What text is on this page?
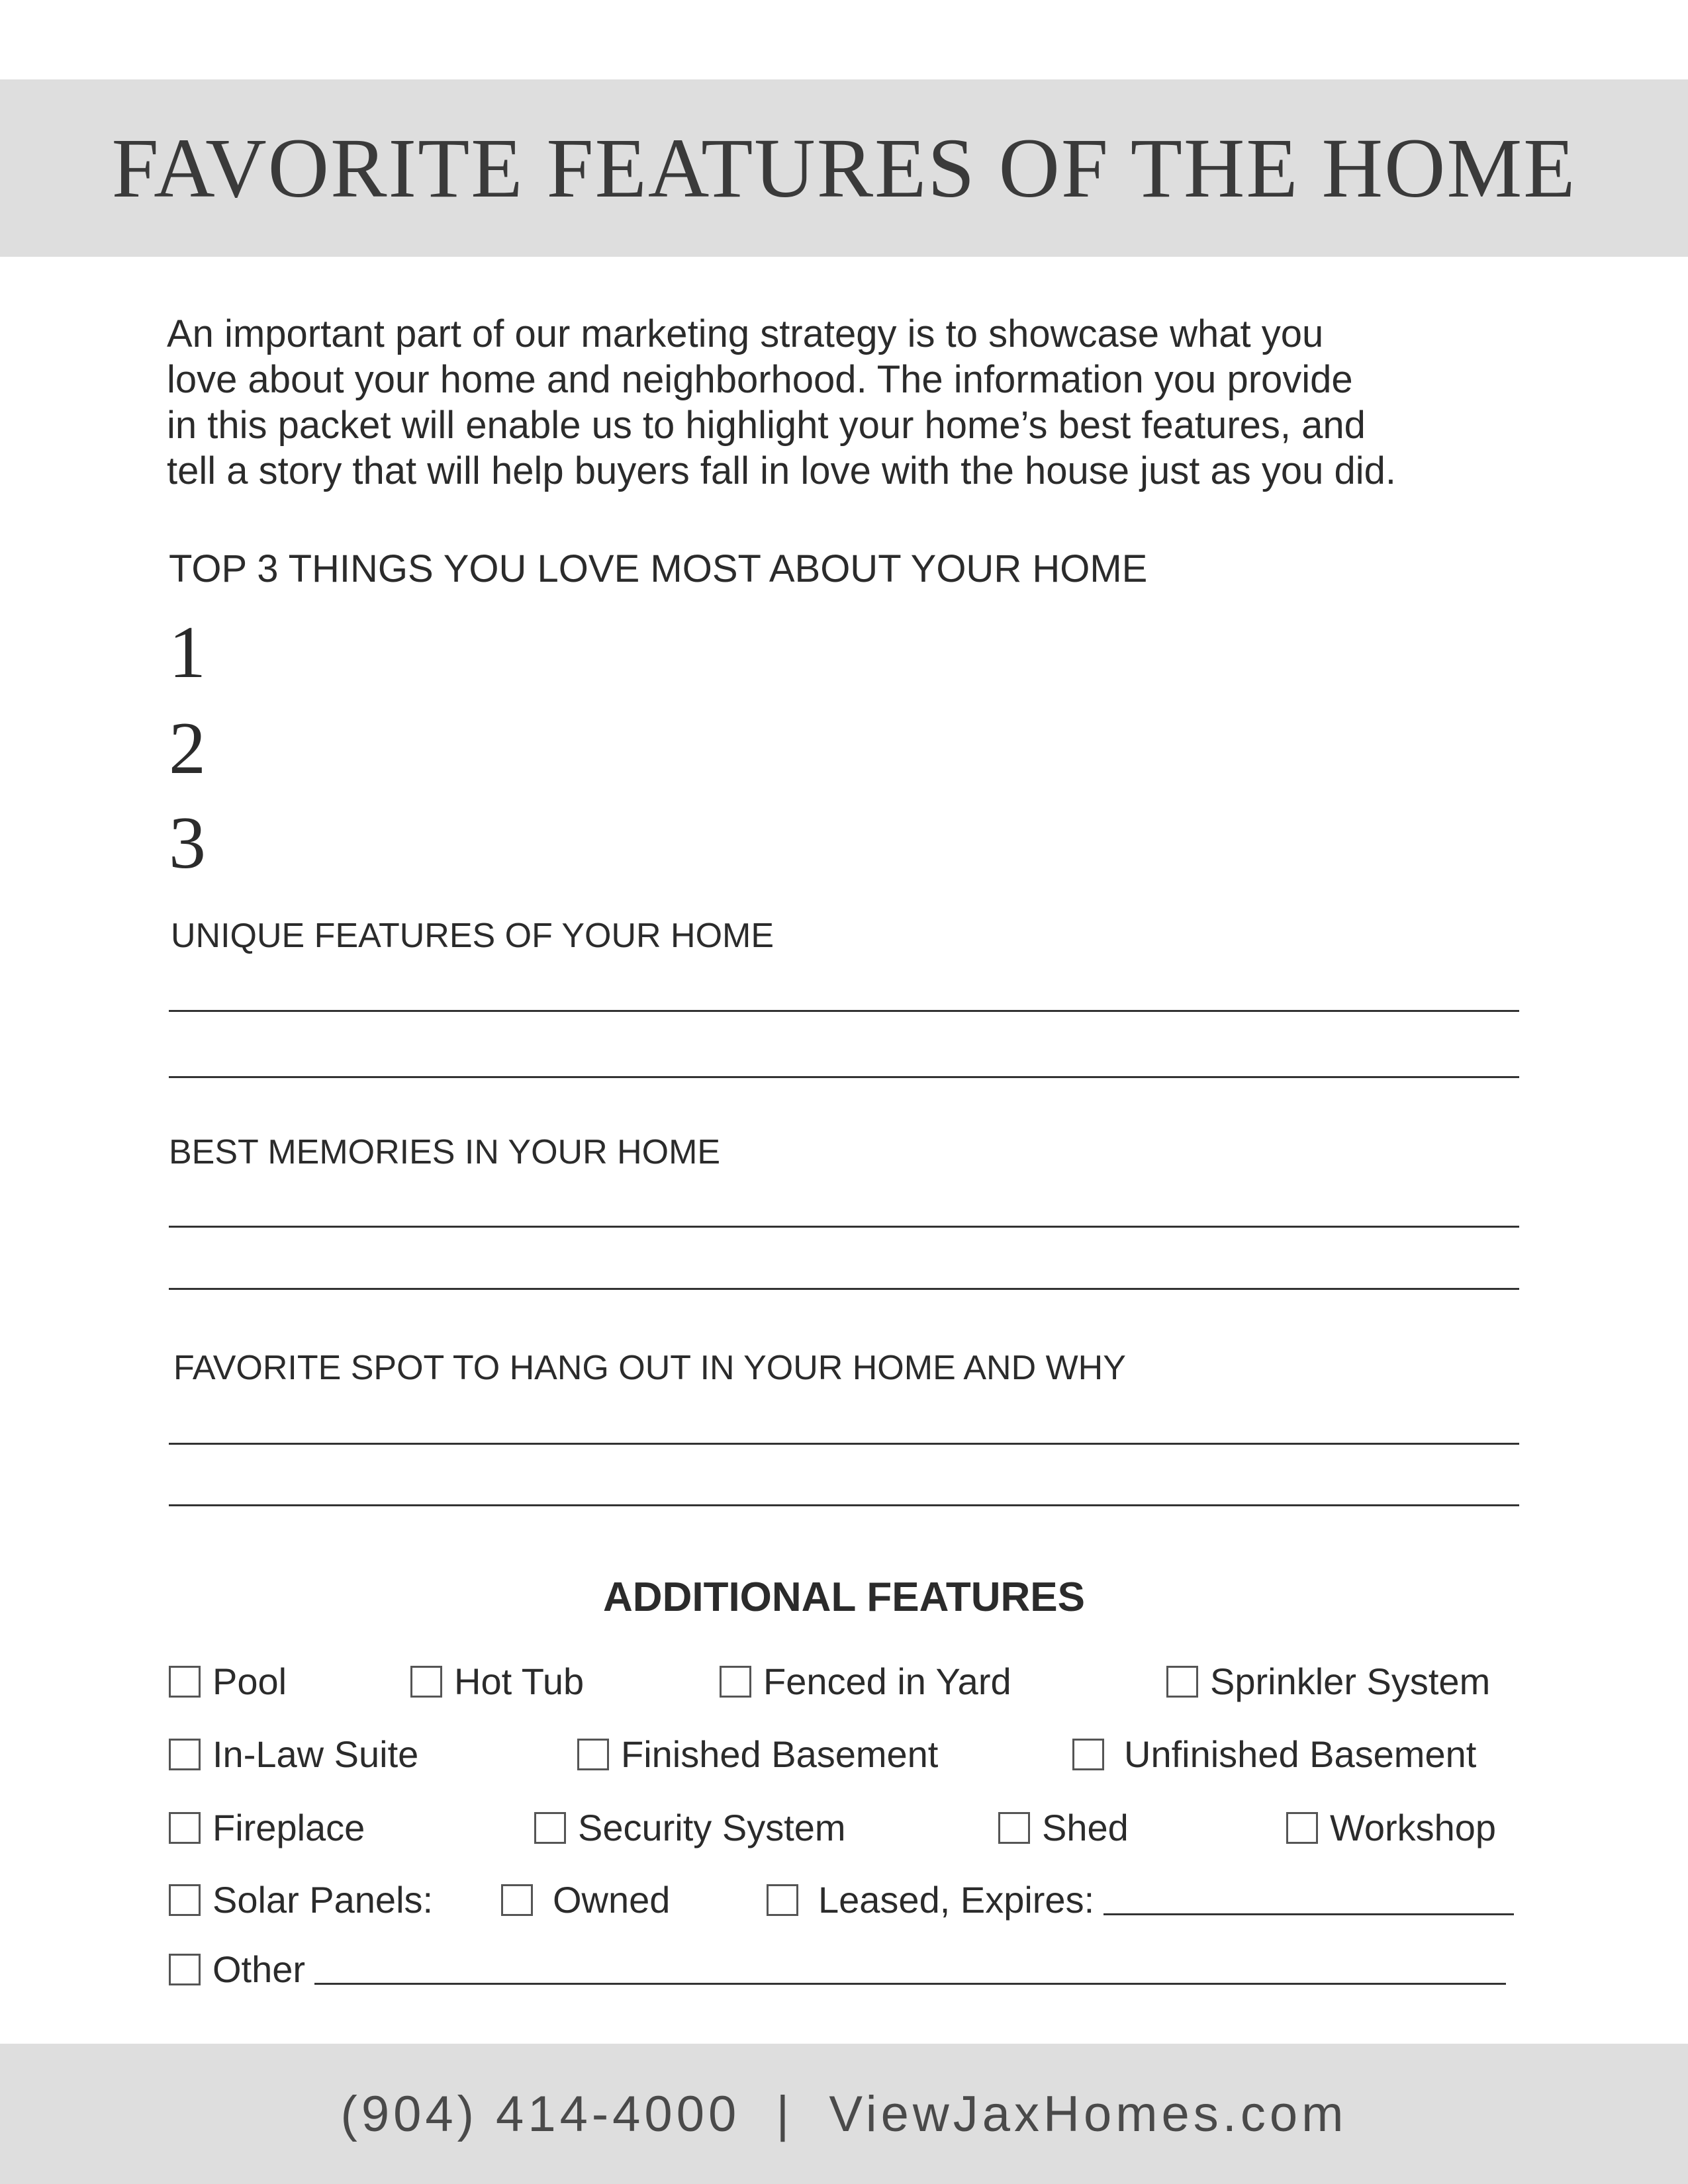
FAVORITE FEATURES OF THE HOME

An important part of our marketing strategy is to showcase what you
love about your home and neighborhood. The information you provide
in this packet will enable us to highlight your home’s best features, and
tell a story that will help buyers fall in love with the house just as you did.

TOP 3 THINGS YOU LOVE MOST ABOUT YOUR HOME
1
2
3
UNIQUE FEATURES OF YOUR HOME
BEST MEMORIES IN YOUR HOME
FAVORITE SPOT TO HANG OUT IN YOUR HOME AND WHY
ADDITIONAL FEATURES
Pool	Hot Tub	Fenced in Yard	Sprinkler System
In-Law Suite	Finished Basement	Unfinished Basement
Fireplace	Security System	Shed	Workshop
Solar Panels:	Owned	Leased, Expires:
Other
(904) 414-4000  |  ViewJaxHomes.com
